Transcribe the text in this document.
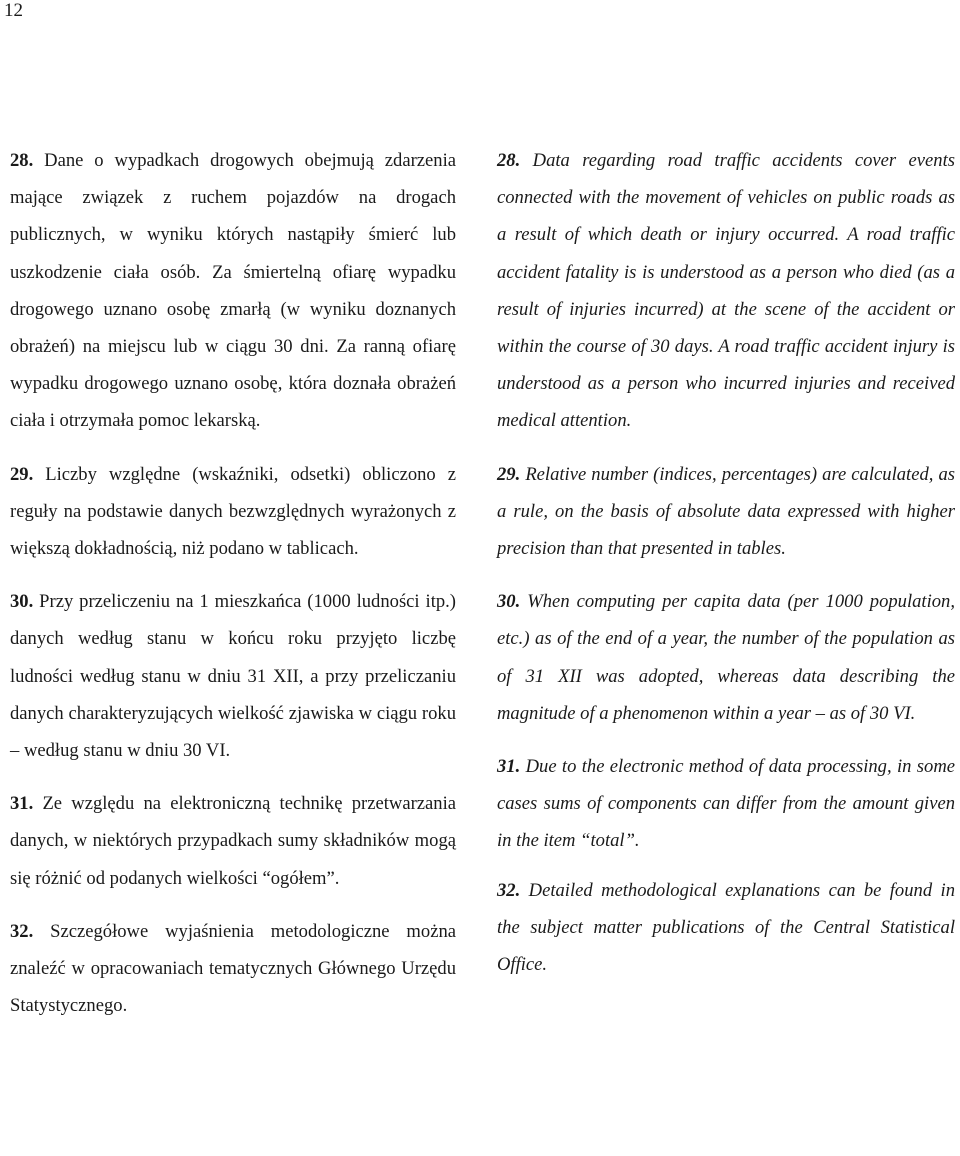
12

28. Dane o wypadkach drogowych obejmują zdarzenia mające związek z ruchem pojazdów na drogach publicznych, w wyniku których nastąpiły śmierć lub uszkodzenie ciała osób. Za śmiertelną ofiarę wypadku drogowego uznano osobę zmarłą (w wyniku doznanych obrażeń) na miejscu lub w ciągu 30 dni. Za ranną ofiarę wypadku drogowego uznano osobę, która doznała obrażeń ciała i otrzymała pomoc lekarską.

29. Liczby względne (wskaźniki, odsetki) obliczono z reguły na podstawie danych bezwzględnych wyrażonych z większą dokładnością, niż podano w tablicach.

30. Przy przeliczeniu na 1 mieszkańca (1000 ludności itp.) danych według stanu w końcu roku przyjęto liczbę ludności według stanu w dniu 31 XII, a przy przeliczaniu danych charakteryzujących wielkość zjawiska w ciągu roku – według stanu w dniu 30 VI.

31. Ze względu na elektroniczną technikę przetwarzania danych, w niektórych przypadkach sumy składników mogą się różnić od podanych wielkości “ogółem”.

32. Szczegółowe wyjaśnienia metodologiczne można znaleźć w opracowaniach tematycznych Głównego Urzędu Statystycznego.

28. Data regarding road traffic accidents cover events connected with the movement of vehicles on public roads as a result of which death or injury occurred. A road traffic accident fatality is is understood as a person who died (as a result of injuries incurred) at the scene of the accident or within the course of 30 days. A road traffic accident injury is understood as a person who incurred injuries and received medical attention.

29. Relative number (indices, percentages) are calculated, as a rule, on the basis of absolute data expressed with higher precision than that presented in tables.

30. When computing per capita data (per 1000 population, etc.) as of the end of a year, the number of the population as of 31 XII was adopted, whereas data describing the magnitude of a phenomenon within a year – as of 30 VI.

31. Due to the electronic method of data processing, in some cases sums of components can differ from the amount given in the item “total”.

32. Detailed methodological explanations can be found in the subject matter publications of the Central Statistical Office.
